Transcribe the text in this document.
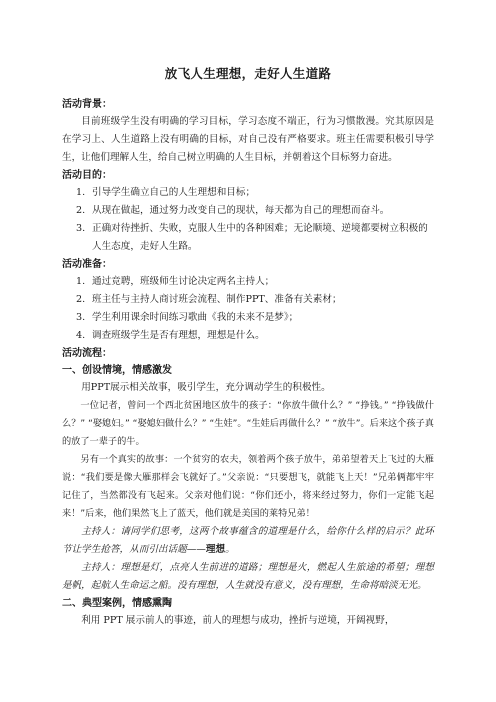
放飞人生理想，走好人生道路
活动背景：

目前班级学生没有明确的学习目标，学习态度不端正，行为习惯散漫。究其原因是在学习上、人生道路上没有明确的目标，对自己没有严格要求。班主任需要积极引导学生，让他们理解人生，给自己树立明确的人生目标，并朝着这个目标努力奋进。

活动目的：
1. 引导学生确立自己的人生理想和目标；
2. 从现在做起，通过努力改变自己的现状，每天都为自己的理想而奋斗。
3. 正确对待挫折、失败，克服人生中的各种困难；无论顺境、逆境都要树立积极的人生态度，走好人生路。
活动准备：
1. 通过竞聘，班级师生讨论决定两名主持人；
2. 班主任与主持人商讨班会流程、制作PPT、准备有关素材；
3. 学生利用课余时间练习歌曲《我的未来不是梦》；
4. 调查班级学生是否有理想，理想是什么。
活动流程：
一、创设情境，情感激发

用PPT展示相关故事，吸引学生，充分调动学生的积极性。

一位记者，曾问一个西北贫困地区放牛的孩子：“你放牛做什么？” “挣钱。” “挣钱做什么？” “娶媳妇。” “娶媳妇做什么？” “生娃”。“生娃后再做什么？” “放牛”。后来这个孩子真的放了一辈子的牛。

另有一个真实的故事：一个贫穷的农夫，领着两个孩子放牛，弟弟望着天上飞过的大雁说：“我们要是像大雁那样会飞就好了。”父亲说：“只要想飞，就能飞上天！”兄弟俩都牢牢记住了，当然都没有飞起来。父亲对他们说：“你们还小，将来经过努力，你们一定能飞起来！”后来，他们果然飞上了蓝天，他们就是美国的莱特兄弟！

主持人：请同学们思考，这两个故事蕴含的道理是什么，给你什么样的启示？此环节让学生抢答，从而引出话题——理想。

主持人：理想是灯，点亮人生前进的道路；理想是火，燃起人生旅途的希望；理想是帆，起航人生命运之船。没有理想，人生就没有意义，没有理想，生命将暗淡无光。

二、典型案例，情感熏陶

利用 PPT 展示前人的事迹，前人的理想与成功，挫折与逆境，开阔视野，
